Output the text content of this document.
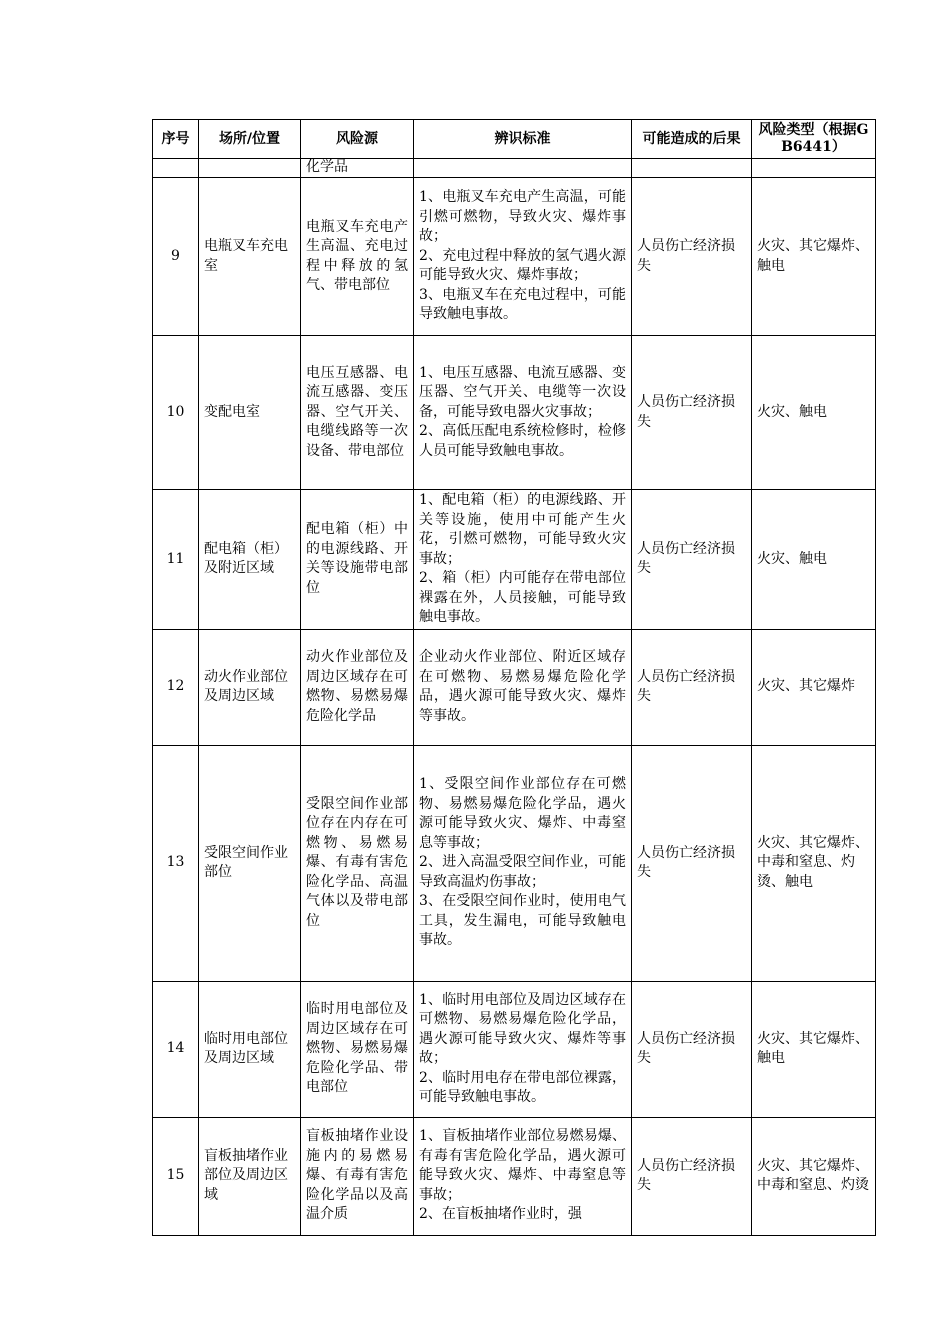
序号	场所/位置	风险源	辨识标准	可能造成的后果	风险类型（根据GB6441）
		化学品			
9	电瓶叉车充电室	电瓶叉车充电产生高温、充电过程中释放的氢气、带电部位	1、电瓶叉车充电产生高温，可能引燃可燃物，导致火灾、爆炸事故；
2、充电过程中释放的氢气遇火源可能导致火灾、爆炸事故；
3、电瓶叉车在充电过程中，可能导致触电事故。	人员伤亡经济损失	火灾、其它爆炸、触电
10	变配电室	电压互感器、电流互感器、变压器、空气开关、电缆线路等一次设备、带电部位	1、电压互感器、电流互感器、变压器、空气开关、电缆等一次设备，可能导致电器火灾事故；
2、高低压配电系统检修时，检修人员可能导致触电事故。	人员伤亡经济损失	火灾、触电
11	配电箱（柜）及附近区域	配电箱（柜）中的电源线路、开关等设施带电部位	1、配电箱（柜）的电源线路、开关等设施，使用中可能产生火花，引燃可燃物，可能导致火灾事故；
2、箱（柜）内可能存在带电部位裸露在外，人员接触，可能导致触电事故。	人员伤亡经济损失	火灾、触电
12	动火作业部位及周边区域	动火作业部位及周边区域存在可燃物、易燃易爆危险化学品	企业动火作业部位、附近区域存在可燃物、易燃易爆危险化学品，遇火源可能导致火灾、爆炸等事故。	人员伤亡经济损失	火灾、其它爆炸
13	受限空间作业部位	受限空间作业部位存在内存在可燃物、易燃易爆、有毒有害危险化学品、高温气体以及带电部位	1、受限空间作业部位存在可燃物、易燃易爆危险化学品，遇火源可能导致火灾、爆炸、中毒窒息等事故；
2、进入高温受限空间作业，可能导致高温灼伤事故；
3、在受限空间作业时，使用电气工具，发生漏电，可能导致触电事故。	人员伤亡经济损失	火灾、其它爆炸、中毒和窒息、灼烫、触电
14	临时用电部位及周边区域	临时用电部位及周边区域存在可燃物、易燃易爆危险化学品、带电部位	1、临时用电部位及周边区域存在可燃物、易燃易爆危险化学品，遇火源可能导致火灾、爆炸等事故；
2、临时用电存在带电部位裸露，可能导致触电事故。	人员伤亡经济损失	火灾、其它爆炸、触电
15	盲板抽堵作业部位及周边区域	盲板抽堵作业设施内的易燃易爆、有毒有害危险化学品以及高温介质	1、盲板抽堵作业部位易燃易爆、有毒有害危险化学品，遇火源可能导致火灾、爆炸、中毒窒息等事故；
2、在盲板抽堵作业时，强	人员伤亡经济损失	火灾、其它爆炸、中毒和窒息、灼烫
